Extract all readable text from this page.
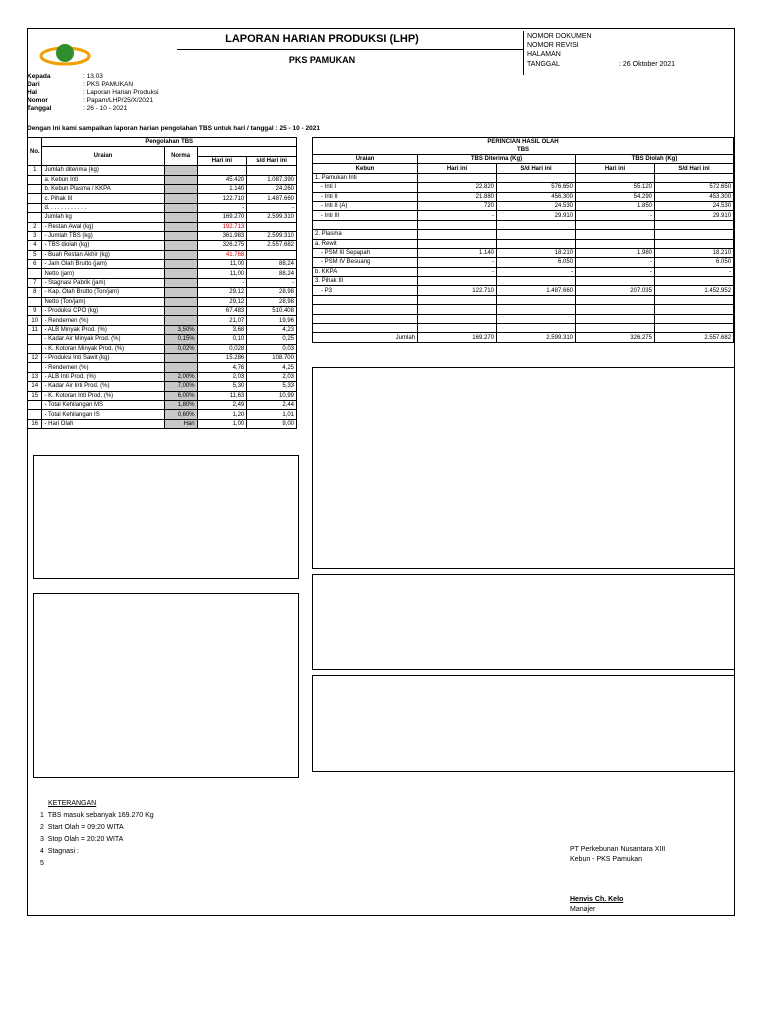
LAPORAN HARIAN PRODUKSI (LHP)
PKS PAMUKAN
NOMOR DOKUMEN
NOMOR REVISI
HALAMAN
TANGGAL	: 26 Oktober 2021
Kepada	: 13.03
Dari	: PKS PAMUKAN
Hal	: Laporan Harian Produksi
Nomor	: Papam/LHP/25/X/2021
Tanggal	: 26 - 10 - 2021
Dengan ini kami sampaikan laporan harian pengolahan TBS untuk hari / tanggal : 25 - 10 - 2021
No.	Pengolahan TBS			
	Uraian	Norma		
			Hari ini	s/d Hari ini
1	Jumlah diterima (kg)			
	a. Kebun Inti		45.420	1.087.390
	b. Kebun Plasma / KKPA		1.140	24.260
	c. Pihak III		122.710	1.487.660
	d. . . . . . . . . . . .		-	-
	Jumlah kg		169.270	2.599.310
2	- Restan Awal (kg)		192.713	
3	- Jumlah TBS (kg)		361.983	2.599.310
4	- TBS diolah (kg)		326.275	2.557.682
5	- Buah Restan Akhir (kg)		41.768	
6	- Jam Olah Brutto (jam)		11,00	88,24
	Netto (jam)		11,00	88,24
7	- Stagnasi Pabrik (jam)		-	-
8	- Kap. Olah Brutto (Ton/jam)		29,12	28,98
	Netto (Ton/jam)		29,12	28,98
9	- Produksi CPO (kg)		67.483	510.408
10	- Rendemen (%)		21,07	19,96
11	- ALB Minyak Prod. (%)	3,50%	3,68	4,23
	- Kadar Air Minyak Prod. (%)	0,15%	0,10	0,25
	- K. Kotoran Minyak Prod. (%)	0,02%	0,028	0,03
12	- Produksi Inti Sawit (kg)		15.286	108.700
	- Rendemen (%)		4,76	4,25
13	- ALB Inti Prod. (%)	2,00%	2,03	2,03
14	- Kadar Air Inti Prod. (%)	7,00%	5,30	5,33
15	- K. Kotoran Inti Prod. (%)	6,00%	11,63	10,99
	- Total Kehilangan MS	1,80%	2,49	2,44
	- Total Kehilangan IS	0,60%	1,20	1,01
16	- Hari Olah	Hari	1,00	9,00
PERINCIAN HASIL OLAH
TBS				
Uraian	TBS Diterima (Kg)		TBS Diolah (Kg)	
Kebun	Hari ini	S/d Hari ini	Hari ini	S/d Hari ini
1. Pamukan Inti				
- Inti I	22.820	576.650	55.120	572.650
- Inti II	21.880	456.300	54.290	453.300
- Inti II (A)	720	24.530	1.850	24.530
- Inti III	-	29.910	-	29.910

2. Plasma				
a. Rewit				
- PSM III Sepapah	1.140	18.210	1.980	18.210
- PSM IV Besuang	-	6.050	-	6.050
b. KKPA	-	-	-	-
3. Pihak III				
- P3	122.710	1.487.660	207.035	1.452.952

Jumlah	169.270	2.599.310	326.275	2.557.682
KETERANGAN
1 TBS masuk sebanyak 169.270 Kg
2 Start Olah = 09:20 WITA
3 Stop Olah = 20:20 WITA
4 Stagnasi :
5
PT Perkebunan Nusantara XIII
Kebun - PKS Pamukan
Henvis Ch. Kelo
Manajer
